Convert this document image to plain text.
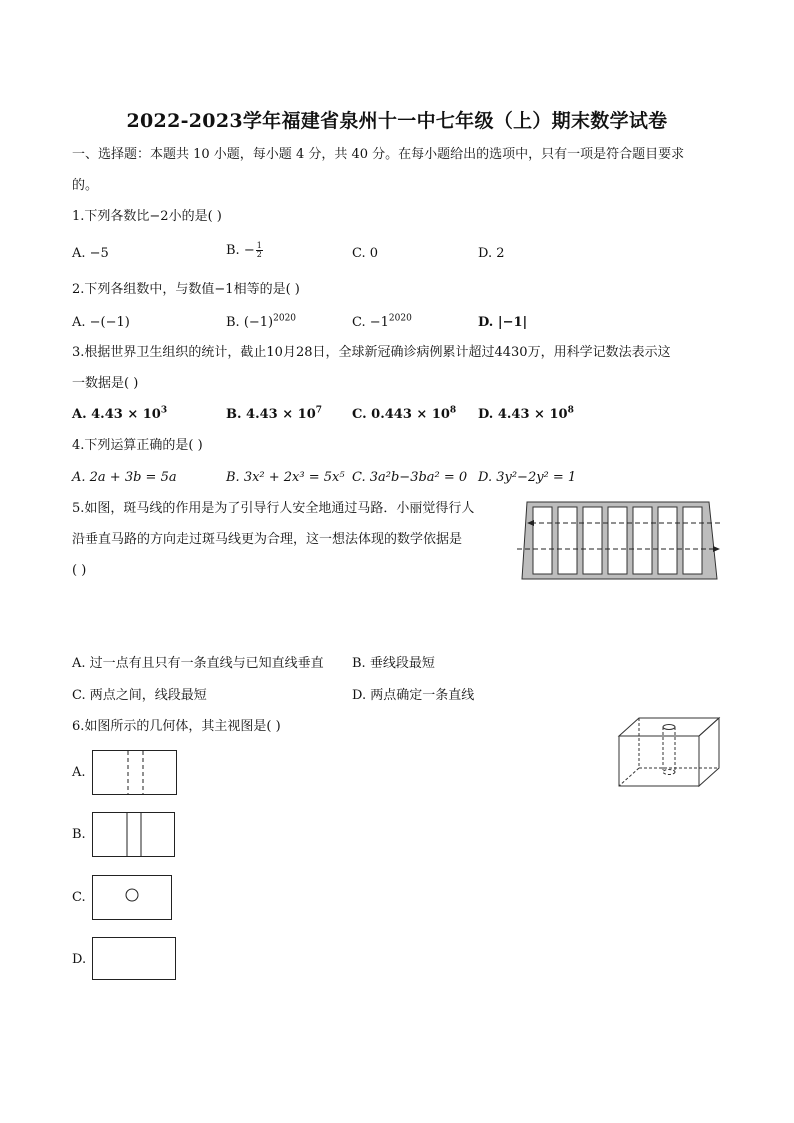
2022-2023学年福建省泉州十一中七年级（上）期末数学试卷
一、选择题：本题共 10 小题，每小题 4 分，共 40 分。在每小题给出的选项中，只有一项是符合题目要求
的。
1.下列各数比−2小的是( )
A. −5	B. − $\frac{1}{2}$	C. 0	D. 2
2.下列各组数中，与数值−1相等的是( )
A. −(−1)	B. $(-1)^{2020}$	C. $-1^{2020}$	D. |−1|
3.根据世界卫生组织的统计，截止10月28日，全球新冠确诊病例累计超过4430万，用科学记数法表示这
一数据是( )
A. $4.43 \times 10^3$	B. $4.43 \times 10^7$ C. $0.443 \times 10^8$ D. $4.43 \times 10^8$
4.下列运算正确的是( )
A. 2a + 3b = 5a	B. 3x² + 2x³ = 5x⁵ C. 3a²b−3ba² = 0 D. 3y²−2y² = 1
5.如图，斑马线的作用是为了引导行人安全地通过马路．小丽觉得行人
沿垂直马路的方向走过斑马线更为合理，这一想法体现的数学依据是
( )
A. 过一点有且只有一条直线与已知直线垂直 B. 垂线段最短
C. 两点之间，线段最短	D. 两点确定一条直线
6.如图所示的几何体，其主视图是( )
A.
B.
C.
D.
